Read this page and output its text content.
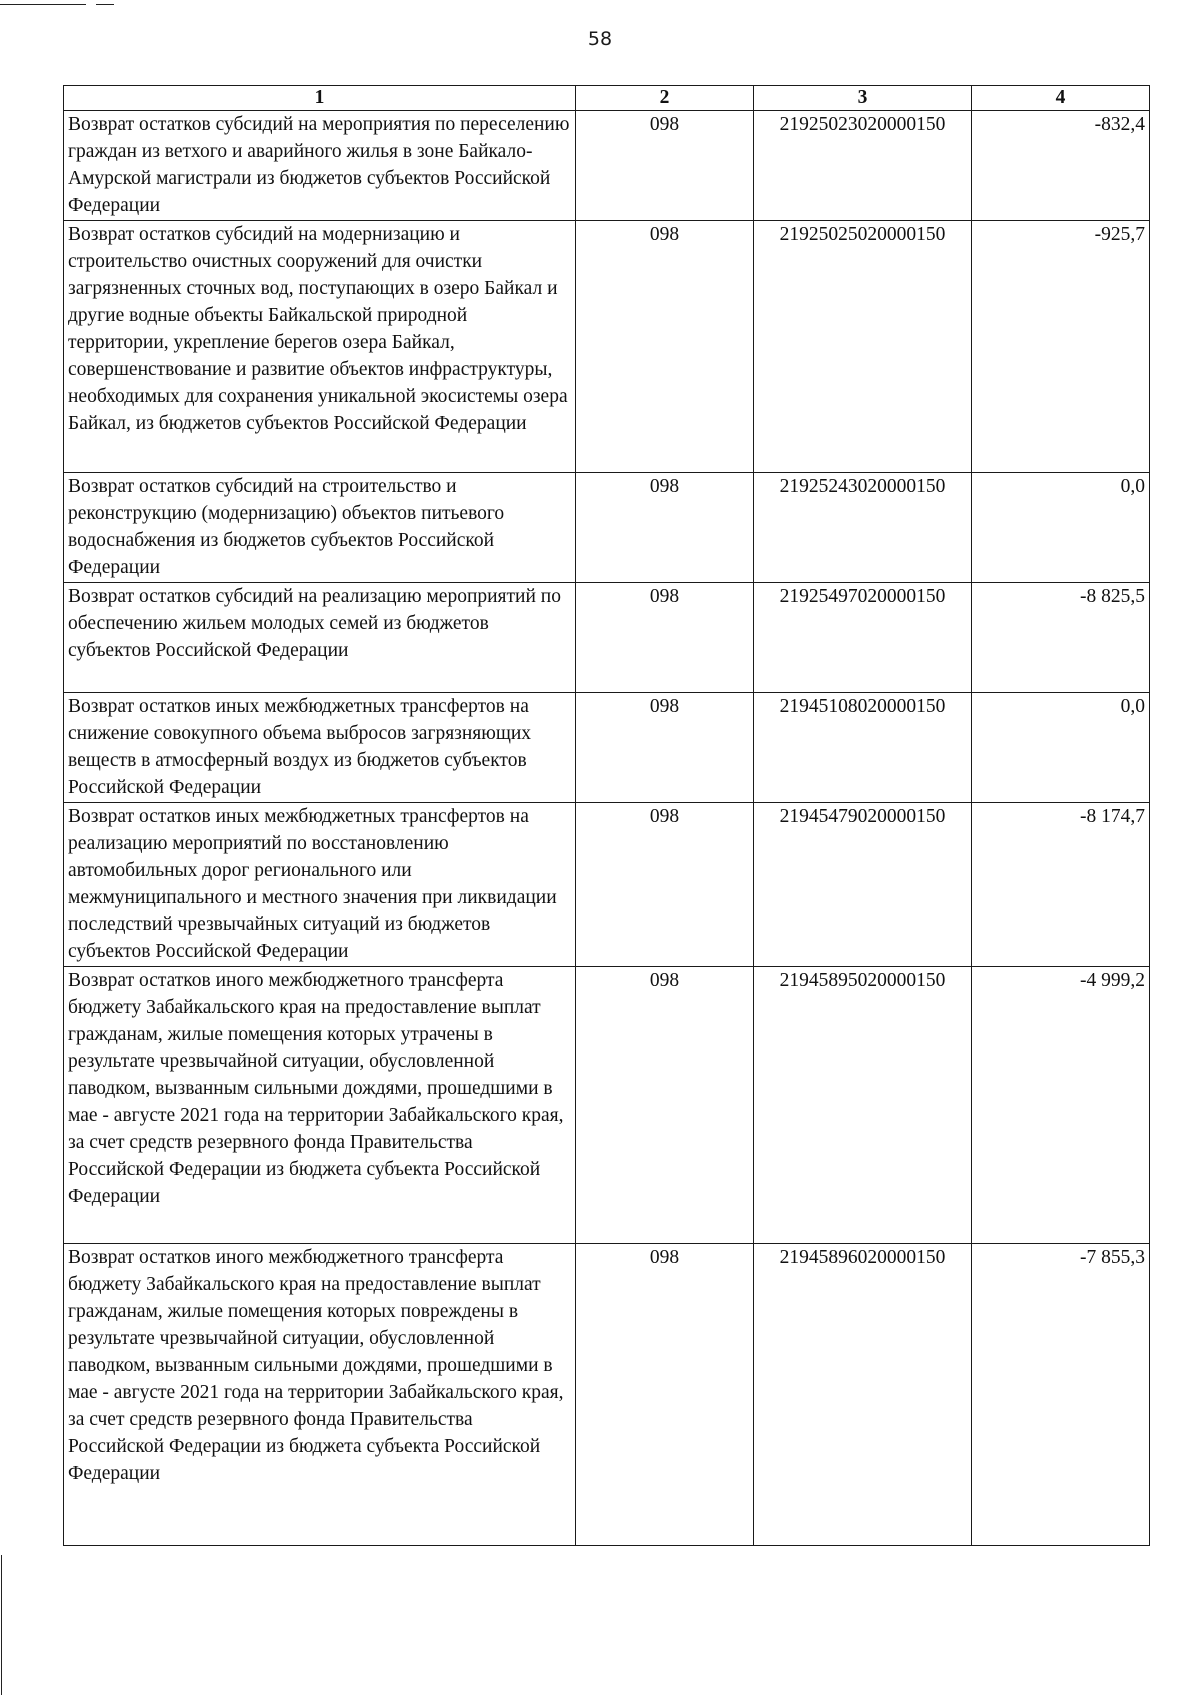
58
1	2	3	4
Возврат остатков субсидий на мероприятия по переселению граждан из ветхого и аварийного жилья в зоне Байкало-Амурской магистрали из бюджетов субъектов Российской Федерации	098	21925023020000150	-832,4
Возврат остатков субсидий на модернизацию и строительство очистных сооружений для очистки загрязненных сточных вод, поступающих в озеро Байкал и другие водные объекты Байкальской природной территории, укрепление берегов озера Байкал, совершенствование и развитие объектов инфраструктуры, необходимых для сохранения уникальной экосистемы озера Байкал, из бюджетов субъектов Российской Федерации	098	21925025020000150	-925,7
Возврат остатков субсидий на строительство и реконструкцию (модернизацию) объектов питьевого водоснабжения из бюджетов субъектов Российской Федерации	098	21925243020000150	0,0
Возврат остатков субсидий на реализацию мероприятий по обеспечению жильем молодых семей из бюджетов субъектов Российской Федерации	098	21925497020000150	-8 825,5
Возврат остатков иных межбюджетных трансфертов на снижение совокупного объема выбросов загрязняющих веществ в атмосферный воздух из бюджетов субъектов Российской Федерации	098	21945108020000150	0,0
Возврат остатков иных межбюджетных трансфертов на реализацию мероприятий по восстановлению автомобильных дорог регионального или межмуниципального и местного значения при ликвидации последствий чрезвычайных ситуаций из бюджетов субъектов Российской Федерации	098	21945479020000150	-8 174,7
Возврат остатков иного межбюджетного трансферта бюджету Забайкальского края на предоставление выплат гражданам, жилые помещения которых утрачены в результате чрезвычайной ситуации, обусловленной паводком, вызванным сильными дождями, прошедшими в мае - августе 2021 года на территории Забайкальского края, за счет средств резервного фонда Правительства Российской Федерации из бюджета субъекта Российской Федерации	098	21945895020000150	-4 999,2
Возврат остатков иного межбюджетного трансферта бюджету Забайкальского края на предоставление выплат гражданам, жилые помещения которых повреждены в результате чрезвычайной ситуации, обусловленной паводком, вызванным сильными дождями, прошедшими в мае - августе 2021 года на территории Забайкальского края, за счет средств резервного фонда Правительства Российской Федерации из бюджета субъекта Российской Федерации	098	21945896020000150	-7 855,3
